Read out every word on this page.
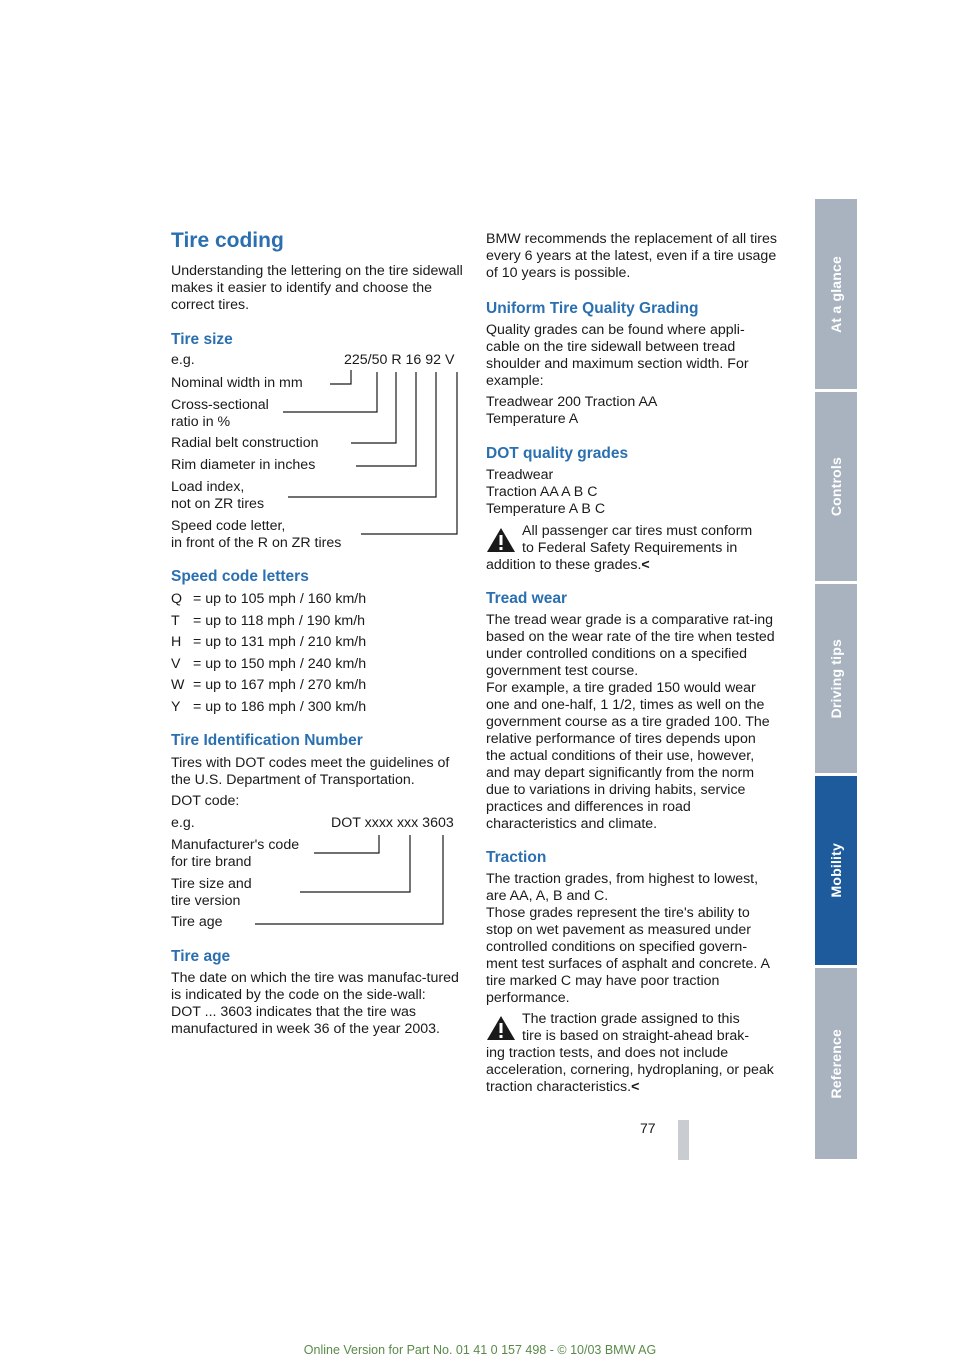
Tire coding

Understanding the lettering on the tire sidewall makes it easier to identify and choose the correct tires.

Tire size
e.g.	225/50 R 16 92 V
Nominal width in mm
Cross-sectional
ratio in %
Radial belt construction
Rim diameter in inches
Load index,
not on ZR tires
Speed code letter,
in front of the R on ZR tires
Speed code letters
Q = up to 105 mph / 160 km/h
T = up to 118 mph / 190 km/h
H = up to 131 mph / 210 km/h
V = up to 150 mph / 240 km/h
W = up to 167 mph / 270 km/h
Y = up to 186 mph / 300 km/h
Tire Identification Number

Tires with DOT codes meet the guidelines of the U.S. Department of Transportation.

DOT code:
e.g.	DOT xxxx xxx 3603
Manufacturer's code
for tire brand
Tire size and
tire version
Tire age
Tire age

The date on which the tire was manufac-tured is indicated by the code on the side-wall:

DOT ... 3603 indicates that the tire was manufactured in week 36 of the year 2003.

BMW recommends the replacement of all tires every 6 years at the latest, even if a tire usage of 10 years is possible.

Uniform Tire Quality Grading

Quality grades can be found where appli-cable on the tire sidewall between tread shoulder and maximum section width. For example:

Treadwear 200 Traction AA
Temperature A
DOT quality grades
Treadwear
Traction AA A B C
Temperature A B C
All passenger car tires must conform
to Federal Safety Requirements in
addition to these grades.<
Tread wear

The tread wear grade is a comparative rat-ing based on the wear rate of the tire when tested under controlled conditions on a specified government test course.

For example, a tire graded 150 would wear one and one-half, 1 1/2, times as well on the government course as a tire graded 100. The relative performance of tires depends upon the actual conditions of their use, however, and may depart significantly from the norm due to variations in driving habits, service practices and differences in road characteristics and climate.

Traction

The traction grades, from highest to lowest, are AA, A, B and C.

Those grades represent the tire's ability to stop on wet pavement as measured under controlled conditions on specified govern-ment test surfaces of asphalt and concrete. A tire marked C may have poor traction performance.

The traction grade assigned to this
tire is based on straight-ahead brak-

ing traction tests, and does not include acceleration, cornering, hydroplaning, or peak traction characteristics.<

77
At a glance
Controls
Driving tips
Mobility
Reference
Online Version for Part No. 01 41 0 157 498 - © 10/03 BMW AG
